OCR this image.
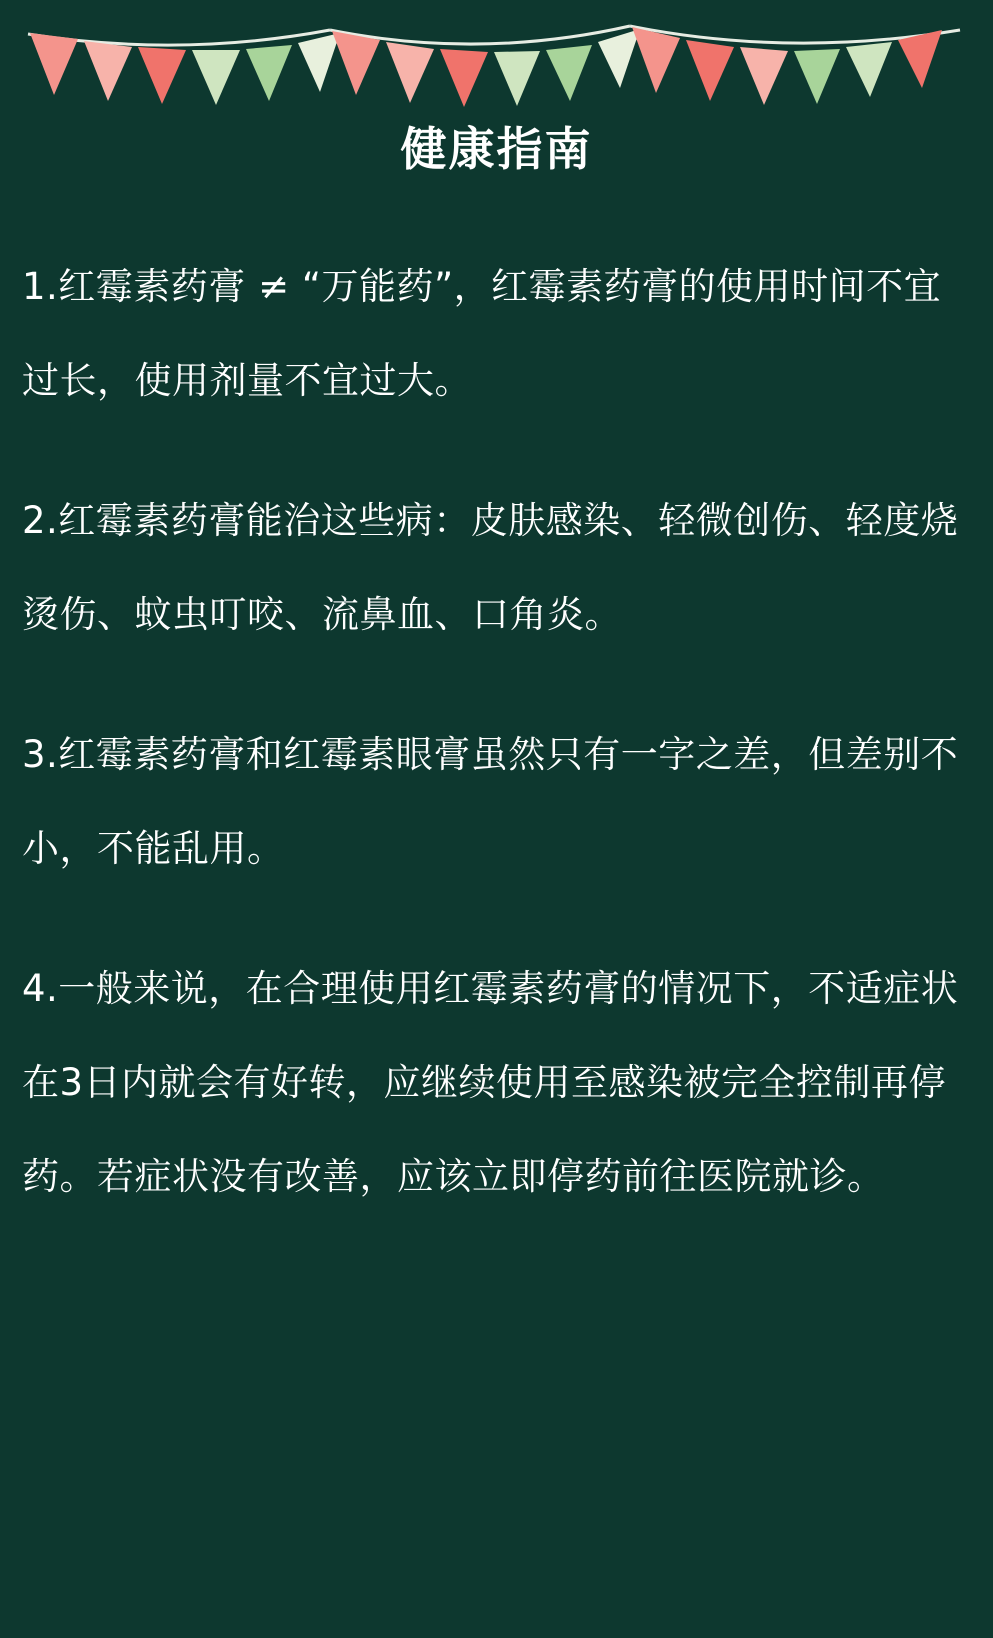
健康指南

1.红霉素药膏 ≠ “万能药”，红霉素药膏的使用时间不宜过长，使用剂量不宜过大。

2.红霉素药膏能治这些病：皮肤感染、轻微创伤、轻度烧烫伤、蚊虫叮咬、流鼻血、口角炎。

3.红霉素药膏和红霉素眼膏虽然只有一字之差，但差别不小，不能乱用。

4.一般来说，在合理使用红霉素药膏的情况下，不适症状在3日内就会有好转，应继续使用至感染被完全控制再停药。若症状没有改善，应该立即停药前往医院就诊。
